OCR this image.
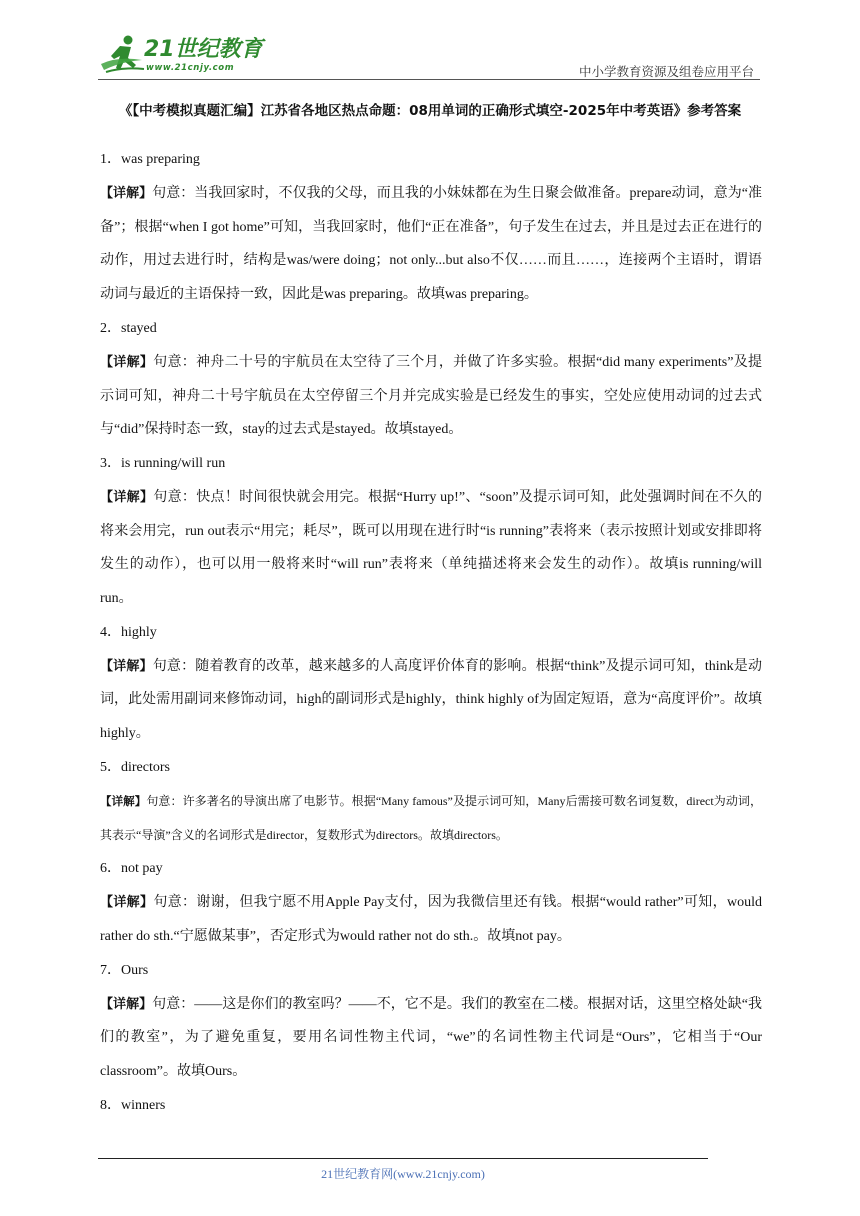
21世纪教育
www.21cnjy.com	中小学教育资源及组卷应用平台
《【中考模拟真题汇编】江苏省各地区热点命题：08用单词的正确形式填空-2025年中考英语》参考答案
1．was preparing
【详解】句意：当我回家时，不仅我的父母，而且我的小妹妹都在为生日聚会做准备。prepare动词，意为“准备”；根据“when I got home”可知，当我回家时，他们“正在准备”，句子发生在过去，并且是过去正在进行的动作，用过去进行时，结构是was/were doing；not only...but also不仅……而且……，连接两个主语时，谓语动词与最近的主语保持一致，因此是was preparing。故填was preparing。
2．stayed
【详解】句意：神舟二十号的宇航员在太空待了三个月，并做了许多实验。根据“did many experiments”及提示词可知，神舟二十号宇航员在太空停留三个月并完成实验是已经发生的事实，空处应使用动词的过去式与“did”保持时态一致，stay的过去式是stayed。故填stayed。
3．is running/will run
【详解】句意：快点！时间很快就会用完。根据“Hurry up!”、“soon”及提示词可知，此处强调时间在不久的将来会用完，run out表示“用完；耗尽”，既可以用现在进行时“is running”表将来（表示按照计划或安排即将发生的动作），也可以用一般将来时“will run”表将来（单纯描述将来会发生的动作）。故填is running/will run。
4．highly
【详解】句意：随着教育的改革，越来越多的人高度评价体育的影响。根据“think”及提示词可知，think是动词，此处需用副词来修饰动词，high的副词形式是highly，think highly of为固定短语，意为“高度评价”。故填highly。
5．directors
【详解】句意：许多著名的导演出席了电影节。根据“Many famous”及提示词可知，Many后需接可数名词复数，direct为动词，其表示“导演”含义的名词形式是director，复数形式为directors。故填directors。
6．not pay
【详解】句意：谢谢，但我宁愿不用Apple Pay支付，因为我微信里还有钱。根据“would rather”可知，would rather do sth.“宁愿做某事”，否定形式为would rather not do sth.。故填not pay。
7．Ours
【详解】句意：——这是你们的教室吗？——不，它不是。我们的教室在二楼。根据对话，这里空格处缺“我们的教室”，为了避免重复，要用名词性物主代词，“we”的名词性物主代词是“Ours”，它相当于“Our classroom”。故填Ours。
8．winners
21世纪教育网(www.21cnjy.com)
